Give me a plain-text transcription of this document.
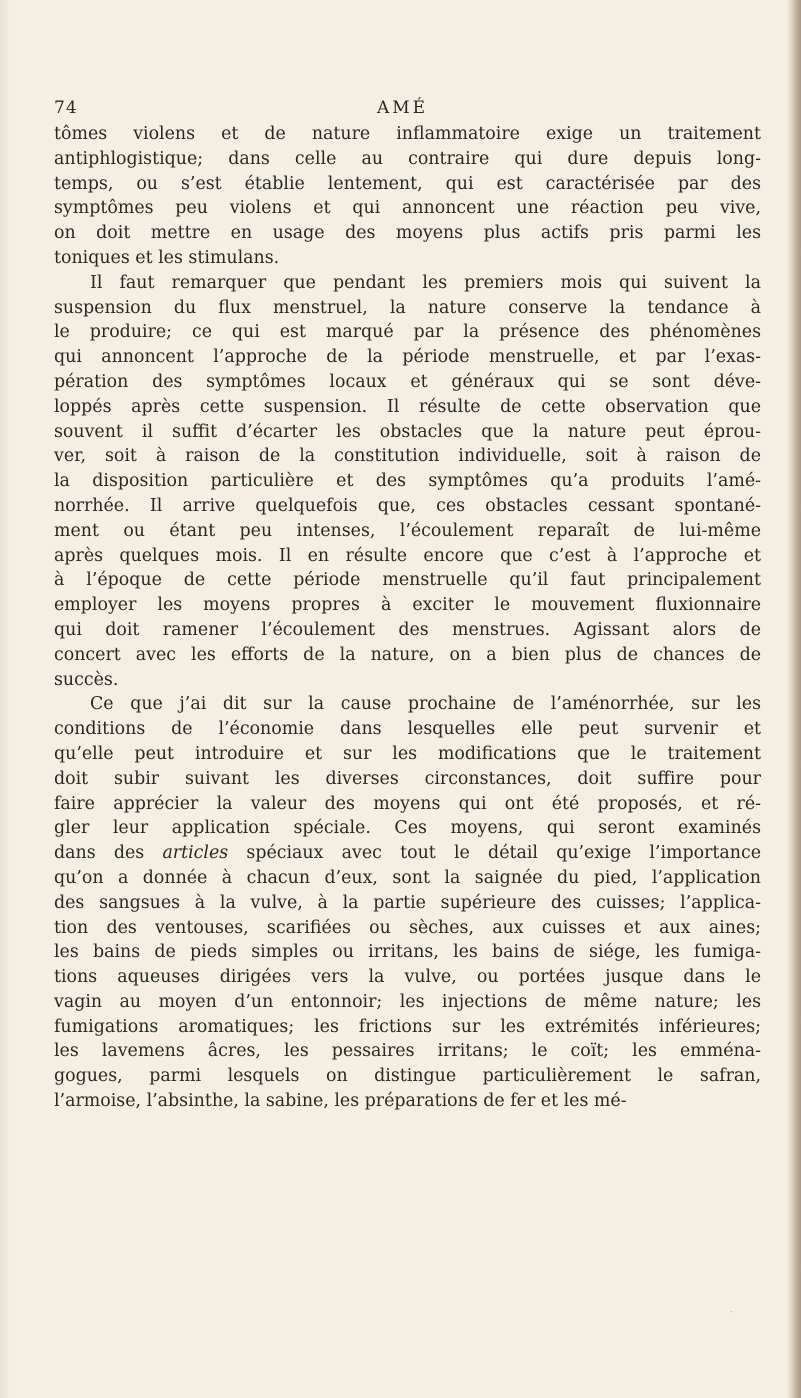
74	AMÉ
tômes violens et de nature inflammatoire exige un traitement
antiphlogistique; dans celle au contraire qui dure depuis long-
temps, ou s’est établie lentement, qui est caractérisée par des
symptômes peu violens et qui annoncent une réaction peu vive,
on doit mettre en usage des moyens plus actifs pris parmi les
toniques et les stimulans.
Il faut remarquer que pendant les premiers mois qui suivent la
suspension du flux menstruel, la nature conserve la tendance à
le produire; ce qui est marqué par la présence des phénomènes
qui annoncent l’approche de la période menstruelle, et par l’exas-
pération des symptômes locaux et généraux qui se sont déve-
loppés après cette suspension. Il résulte de cette observation que
souvent il suffit d’écarter les obstacles que la nature peut éprou-
ver, soit à raison de la constitution individuelle, soit à raison de
la disposition particulière et des symptômes qu’a produits l’amé-
norrhée. Il arrive quelquefois que, ces obstacles cessant spontané-
ment ou étant peu intenses, l’écoulement reparaît de lui-même
après quelques mois. Il en résulte encore que c’est à l’approche et
à l’époque de cette période menstruelle qu’il faut principalement
employer les moyens propres à exciter le mouvement fluxionnaire
qui doit ramener l’écoulement des menstrues. Agissant alors de
concert avec les efforts de la nature, on a bien plus de chances de
succès.
Ce que j’ai dit sur la cause prochaine de l’aménorrhée, sur les
conditions de l’économie dans lesquelles elle peut survenir et
qu’elle peut introduire et sur les modifications que le traitement
doit subir suivant les diverses circonstances, doit suffire pour
faire apprécier la valeur des moyens qui ont été proposés, et ré-
gler leur application spéciale. Ces moyens, qui seront examinés
dans des articles spéciaux avec tout le détail qu’exige l’importance
qu’on a donnée à chacun d’eux, sont la saignée du pied, l’application
des sangsues à la vulve, à la partie supérieure des cuisses; l’applica-
tion des ventouses, scarifiées ou sèches, aux cuisses et aux aines;
les bains de pieds simples ou irritans, les bains de siége, les fumiga-
tions aqueuses dirigées vers la vulve, ou portées jusque dans le
vagin au moyen d’un entonnoir; les injections de même nature; les
fumigations aromatiques; les frictions sur les extrémités inférieures;
les lavemens âcres, les pessaires irritans; le coït; les emména-
gogues, parmi lesquels on distingue particulièrement le safran,
l’armoise, l’absinthe, la sabine, les préparations de fer et les mé-
ˎ
